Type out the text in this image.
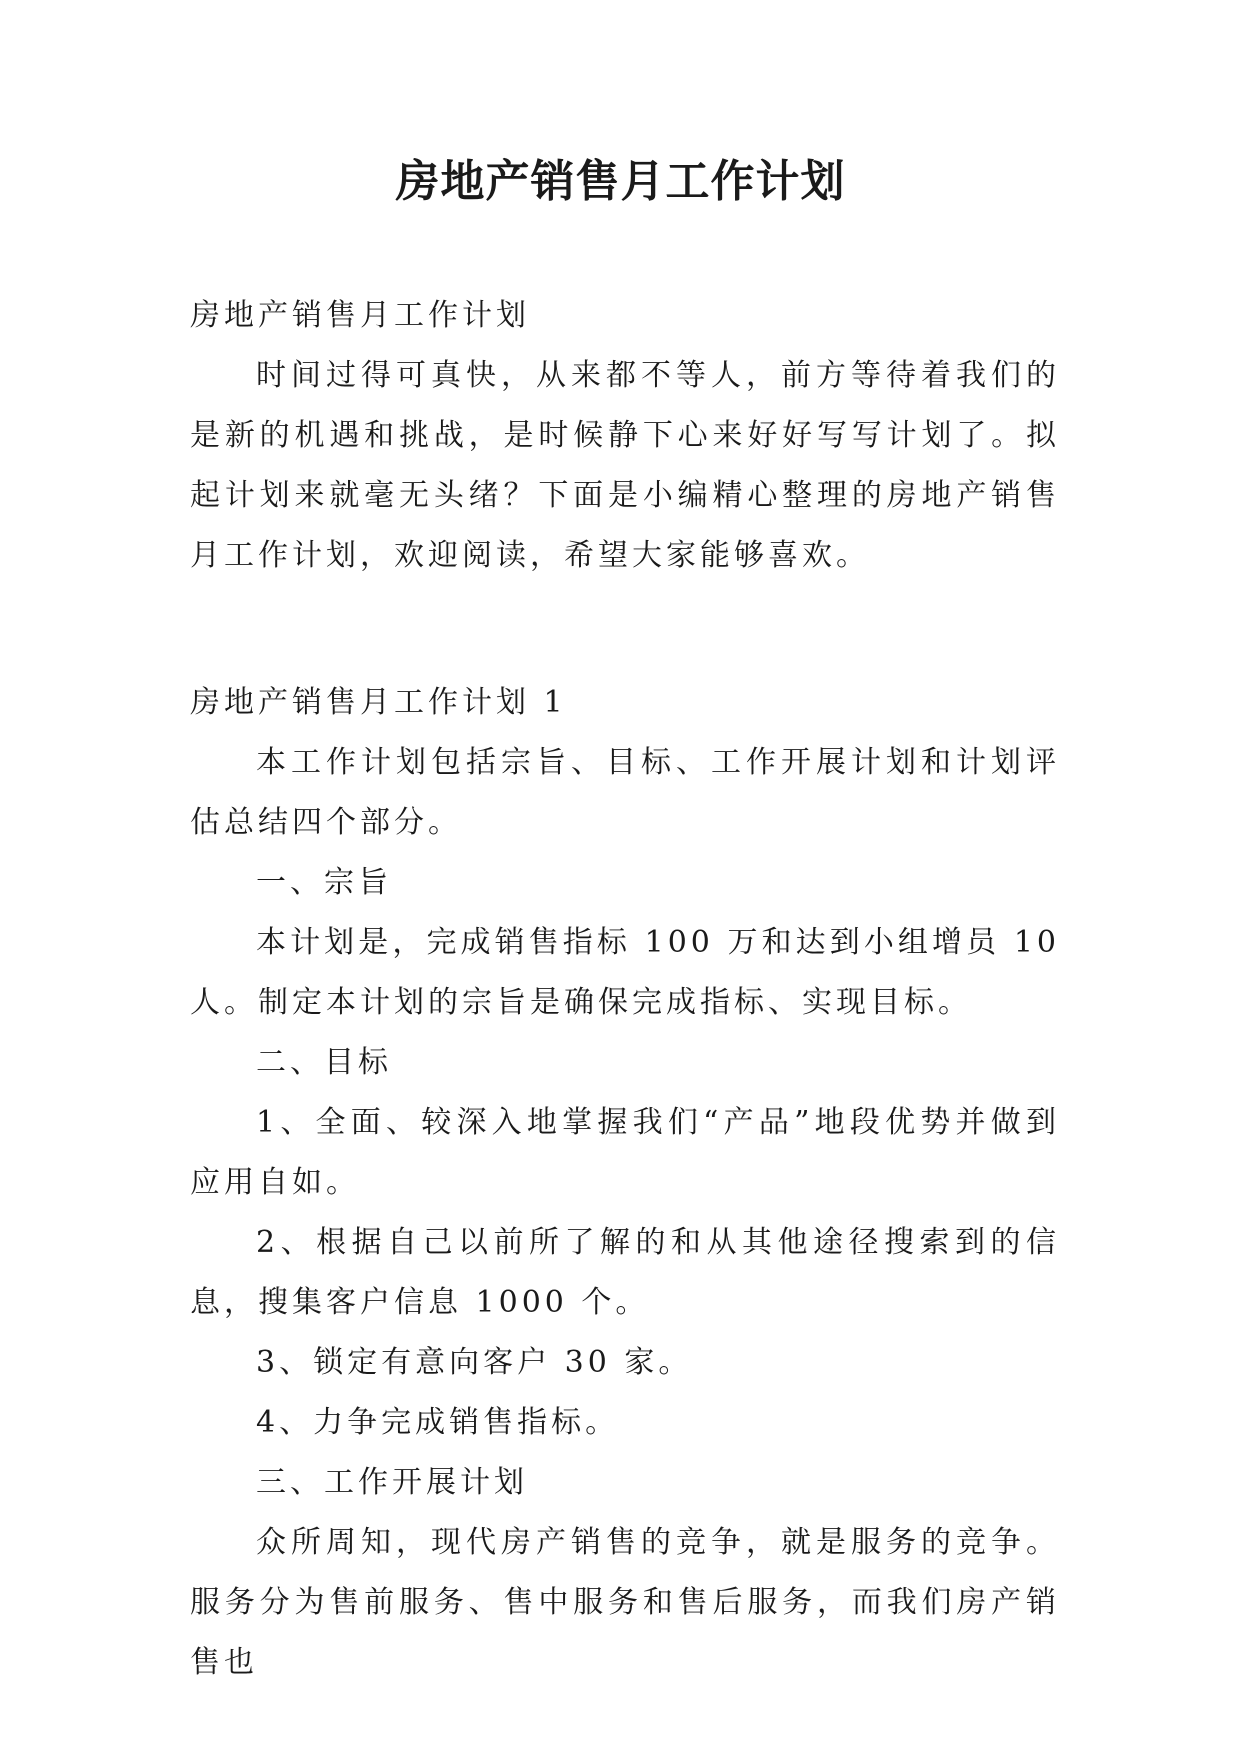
房地产销售月工作计划

房地产销售月工作计划

时间过得可真快，从来都不等人，前方等待着我们的是新的机遇和挑战，是时候静下心来好好写写计划了。拟起计划来就毫无头绪？下面是小编精心整理的房地产销售月工作计划，欢迎阅读，希望大家能够喜欢。

房地产销售月工作计划 1

本工作计划包括宗旨、目标、工作开展计划和计划评估总结四个部分。

一、宗旨

本计划是，完成销售指标 100 万和达到小组增员 10 人。制定本计划的宗旨是确保完成指标、实现目标。

二、目标

1、全面、较深入地掌握我们“产品”地段优势并做到应用自如。

2、根据自己以前所了解的和从其他途径搜索到的信息，搜集客户信息 1000 个。

3、锁定有意向客户 30 家。

4、力争完成销售指标。

三、工作开展计划

众所周知，现代房产销售的竞争，就是服务的竞争。服务分为售前服务、售中服务和售后服务，而我们房产销售也
